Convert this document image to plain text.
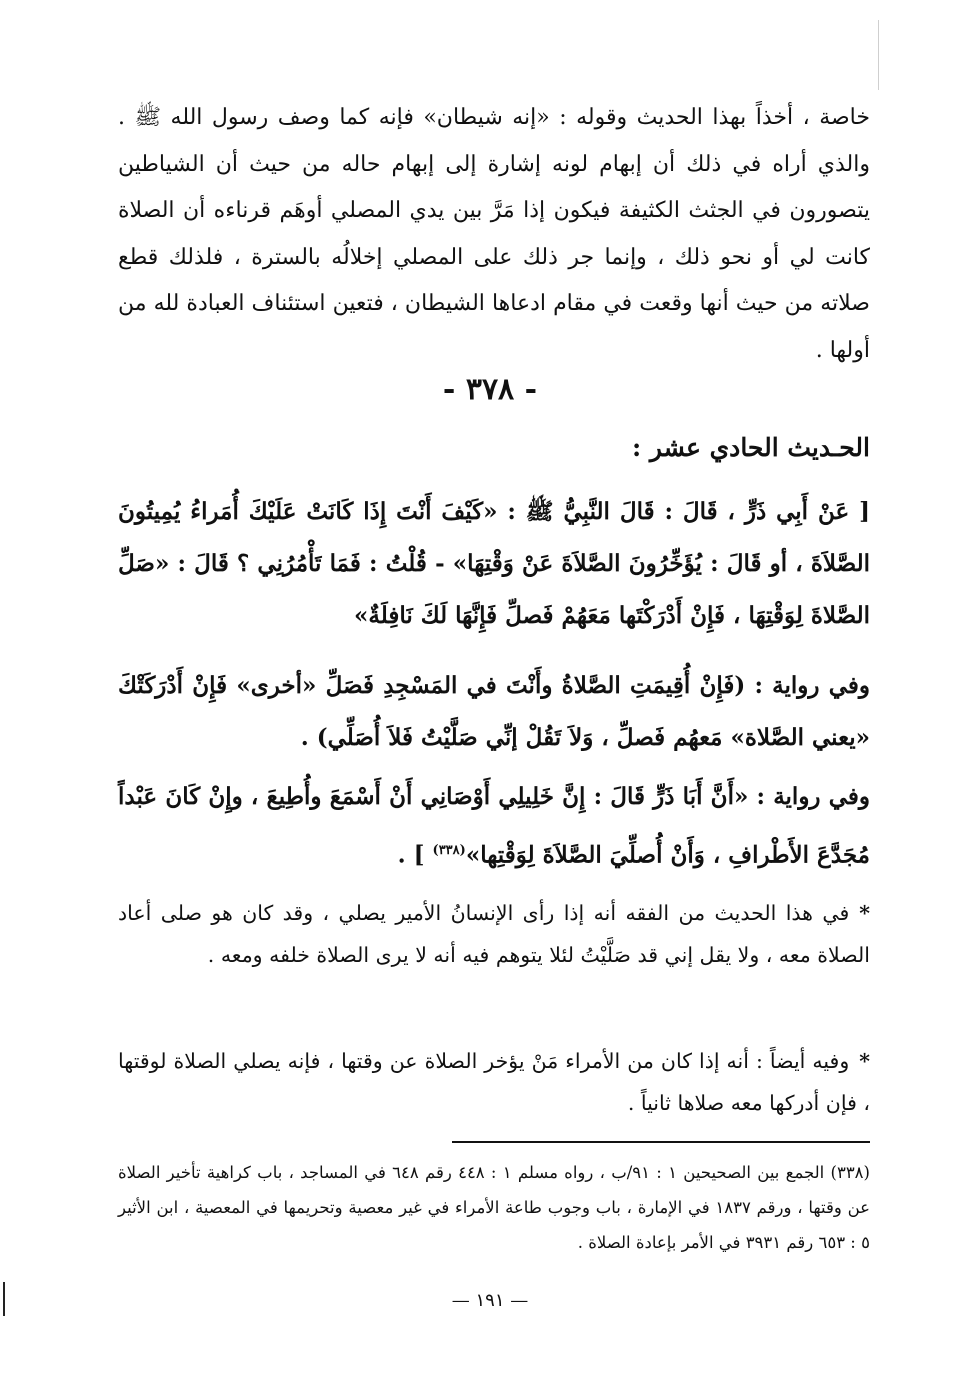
خاصة ، أخذاً بهذا الحديث وقوله : «إنه شيطان» فإنه كما وصف رسول الله ﷺ . والذي أراه في ذلك أن إبهام لونه إشارة إلى إبهام حاله من حيث أن الشياطين يتصورون في الجثث الكثيفة فيكون إذا مَرَّ بين يدي المصلي أوهَم قرناءه أن الصلاة كانت لي أو نحو ذلك ، وإنما جر ذلك على المصلي إخلالُه بالسترة ، فلذلك قطع صلاته من حيث أنها وقعت في مقام ادعاها الشيطان ، فتعين استئناف العبادة لله من أولها .

- ٣٧٨ -
الحـديث الحادي عشر :

[ عَنْ أَبِي ذَرٍّ ، قَالَ : قَالَ النَّبِيُّ ﷺ : «كَيْفَ أَنْتَ إِذَا كَانَتْ عَلَيْكَ أُمَراءُ يُمِيتُونَ الصَّلاَةَ ، أو قَالَ : يُؤَخِّرُونَ الصَّلاَةَ عَنْ وَقْتِهَا» - قُلْتُ : فَمَا تَأْمُرُنِي ؟ قَالَ : «صَلِّ الصَّلاةَ لِوَقْتِهَا ، فَإِنْ أَدْرَكْتَها مَعَهُمْ فَصلِّ فَإِنَّهَا لَكَ نَافِلَةٌ»

وفي رواية : (فَإِنْ أُقِيمَتِ الصَّلاةُ وأَنْتَ في المَسْجِدِ فَصَلِّ «أخرى» فَإِنْ أَدْرَكَتْكَ «يعني الصَّلاة» مَعهُم فَصلِّ ، وَلاَ تَقُلْ إنِّي صَلَّيْتُ فَلاَ أُصَلِّي) .

وفي رواية : «أَنَّ أَبَا ذَرٍّ قَالَ : إِنَّ خَلِيلِي أَوْصَانِي أَنْ أَسْمَعَ وأُطِيعَ ، وإِنْ كَانَ عَبْداً مُجَدَّعَ الأَطْرافِ ، وَأَنْ أُصلِّيَ الصَّلاَةَ لِوَقْتِها»$^{(٣٣٨)}$ ] .

*في هذا الحديث من الفقه أنه إذا رأى الإنسانُ الأمير يصلي ، وقد كان هو صلى أعاد الصلاة معه ، ولا يقل إني قد صَلَّيْتُ لئلا يتوهم فيه أنه لا يرى الصلاة خلفه ومعه .

*وفيه أيضاً : أنه إذا كان من الأمراء مَنْ يؤخر الصلاة عن وقتها ، فإنه يصلي الصلاة لوقتها ، فإن أدركها معه صلاها ثانياً .

(٣٣٨) الجمع بين الصحيحين ١ : ٩١/ب ، رواه مسلم ١ : ٤٤٨ رقم ٦٤٨ في المساجد ، باب كراهية تأخير الصلاة عن وقتها ، ورقم ١٨٣٧ في الإمارة ، باب وجوب طاعة الأمراء في غير معصية وتحريمها في المعصية ، ابن الأثير ٥ : ٦٥٣ رقم ٣٩٣١ في الأمر بإعادة الصلاة .

— ١٩١ —
